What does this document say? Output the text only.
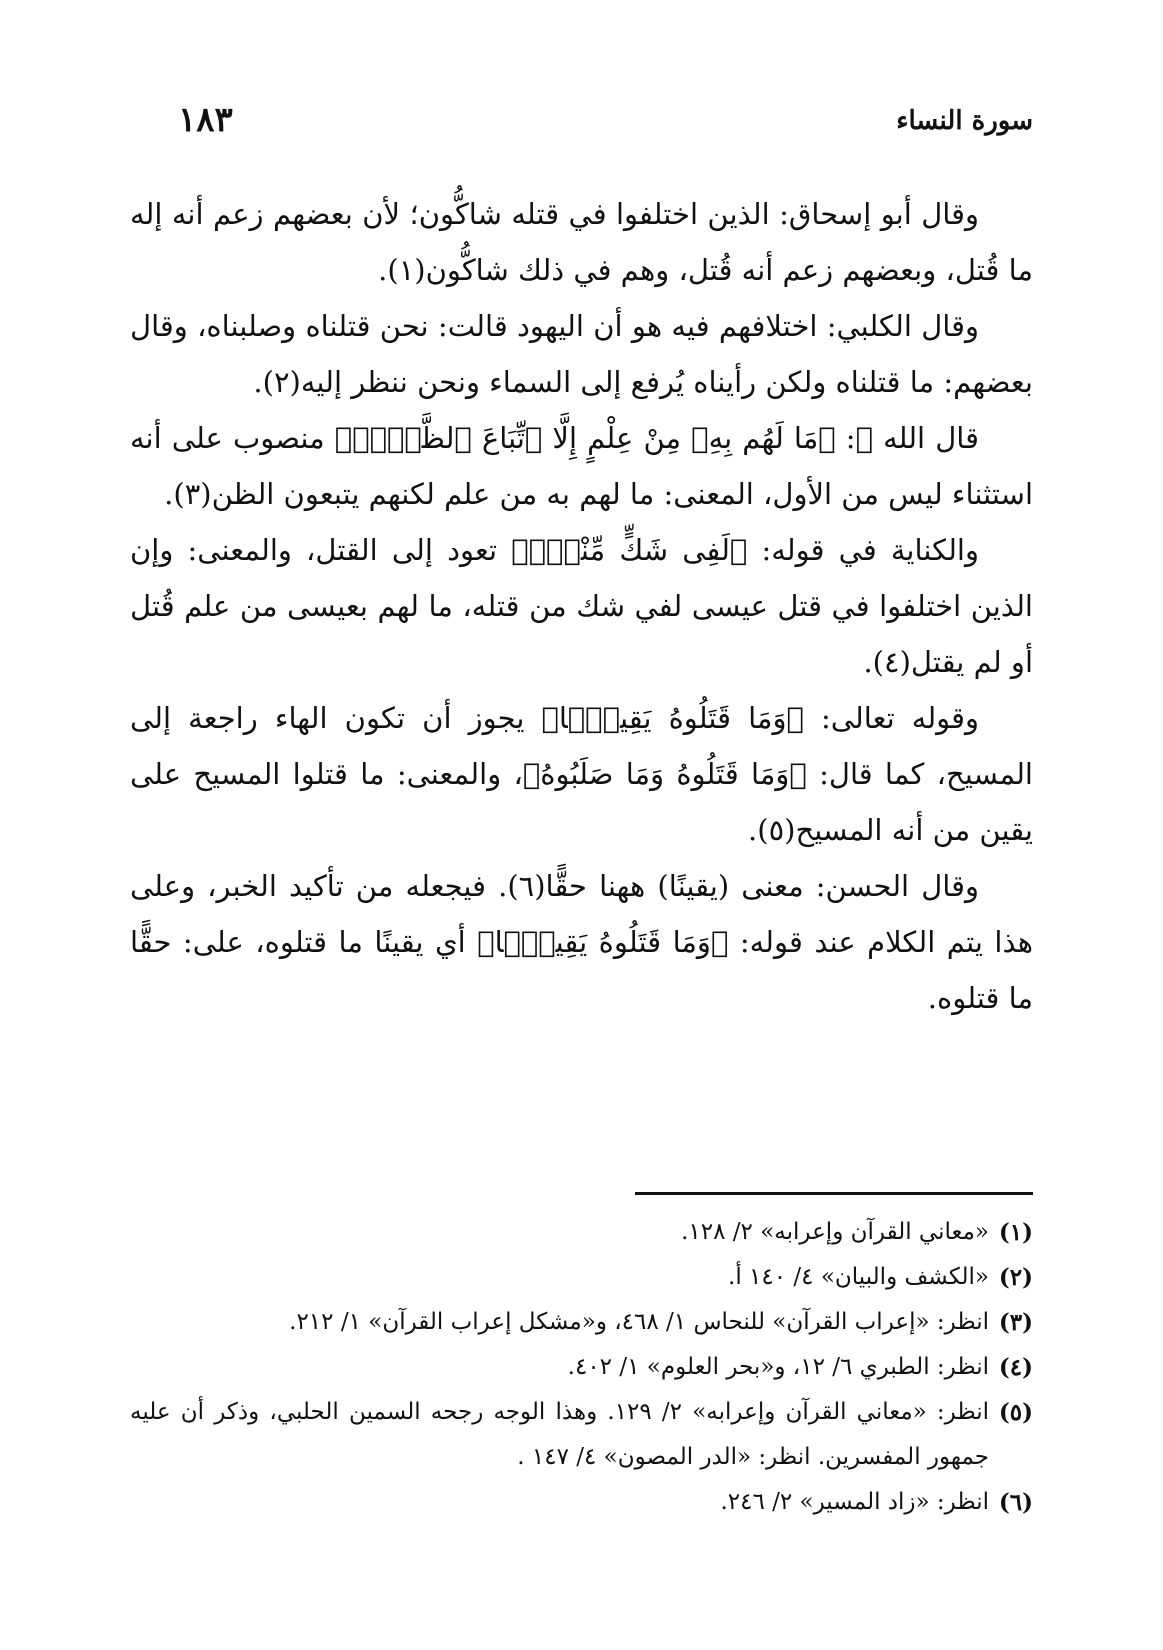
سورة النساء
١٨٣

وقال أبو إسحاق: الذين اختلفوا في قتله شاكُّون؛ لأن بعضهم زعم أنه إله ما قُتل، وبعضهم زعم أنه قُتل، وهم في ذلك شاكُّون(١).

وقال الكلبي: اختلافهم فيه هو أن اليهود قالت: نحن قتلناه وصلبناه، وقال بعضهم: ما قتلناه ولكن رأيناه يُرفع إلى السماء ونحن ننظر إليه(٢).

قال الله ﷻ: ﴿مَا لَهُم بِهِۦ مِنْ عِلْمٍ إِلَّا ٱتِّبَاعَ ٱلظَّنِّۚ﴾ منصوب على أنه استثناء ليس من الأول، المعنى: ما لهم به من علم لكنهم يتبعون الظن(٣).

والكناية في قوله: ﴿لَفِى شَكٍّ مِّنْهُۚ﴾ تعود إلى القتل، والمعنى: وإن الذين اختلفوا في قتل عيسى لفي شك من قتله، ما لهم بعيسى من علم قُتل أو لم يقتل(٤).

وقوله تعالى: ﴿وَمَا قَتَلُوهُ يَقِينًۢا﴾ يجوز أن تكون الهاء راجعة إلى المسيح، كما قال: ﴿وَمَا قَتَلُوهُ وَمَا صَلَبُوهُ﴾، والمعنى: ما قتلوا المسيح على يقين من أنه المسيح(٥).

وقال الحسن: معنى (يقينًا) ههنا حقًّا(٦). فيجعله من تأكيد الخبر، وعلى هذا يتم الكلام عند قوله: ﴿وَمَا قَتَلُوهُ يَقِينًۢا﴾ أي يقينًا ما قتلوه، على: حقًّا ما قتلوه.

(١)
«معاني القرآن وإعرابه» ٢/ ١٢٨.
(٢)
«الكشف والبيان» ٤/ ١٤٠ أ.
(٣)
انظر: «إعراب القرآن» للنحاس ١/ ٤٦٨، و«مشكل إعراب القرآن» ١/ ٢١٢.
(٤)
انظر: الطبري ٦/ ١٢، و«بحر العلوم» ١/ ٤٠٢.
(٥)
انظر: «معاني القرآن وإعرابه» ٢/ ١٢٩. وهذا الوجه رجحه السمين الحلبي، وذكر أن عليه جمهور المفسرين. انظر: «الدر المصون» ٤/ ١٤٧ .
(٦)
انظر: «زاد المسير» ٢/ ٢٤٦.
